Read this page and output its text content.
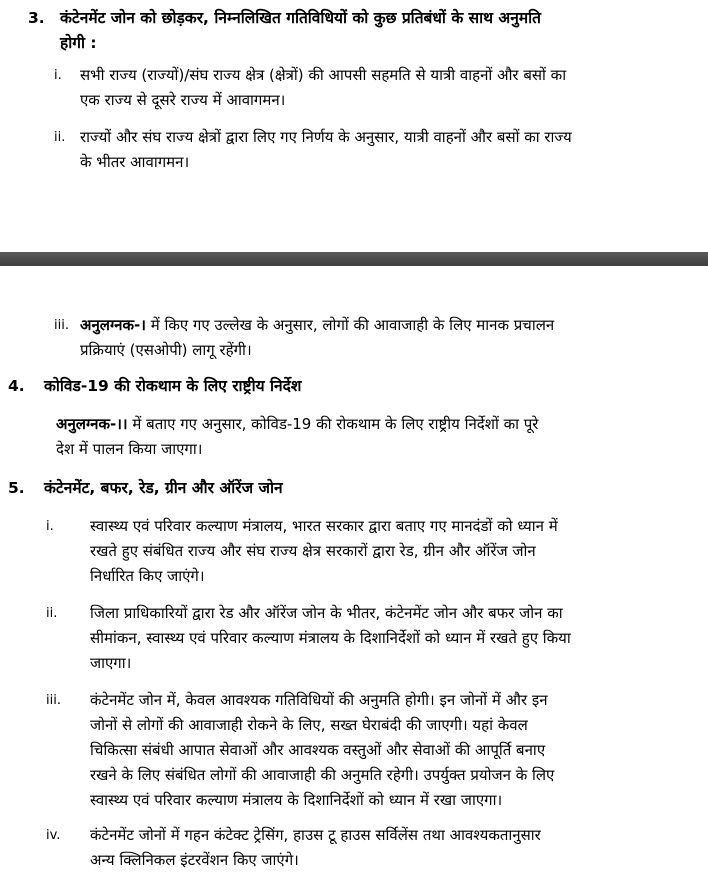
3. कंटेनमेंट जोन को छोड़कर, निम्नलिखित गतिविधियों को कुछ प्रतिबंधों के साथ अनुमति
होगी :
i. सभी राज्य (राज्यों)/संघ राज्य क्षेत्र (क्षेत्रों) की आपसी सहमति से यात्री वाहनों और बसों का
एक राज्य से दूसरे राज्य में आवागमन।
ii. राज्यों और संघ राज्य क्षेत्रों द्वारा लिए गए निर्णय के अनुसार, यात्री वाहनों और बसों का राज्य
के भीतर आवागमन।
iii. अनुलग्नक-। में किए गए उल्लेख के अनुसार, लोगों की आवाजाही के लिए मानक प्रचालन
प्रक्रियाएं (एसओपी) लागू रहेंगी।
4. कोविड-19 की रोकथाम के लिए राष्ट्रीय निर्देश
अनुलग्नक-।। में बताए गए अनुसार, कोविड-19 की रोकथाम के लिए राष्ट्रीय निर्देशों का पूरे
देश में पालन किया जाएगा।
5. कंटेनमेंट, बफर, रेड, ग्रीन और ऑरेंज जोन
i. स्वास्थ्य एवं परिवार कल्याण मंत्रालय, भारत सरकार द्वारा बताए गए मानदंडों को ध्यान में
रखते हुए संबंधित राज्य और संघ राज्य क्षेत्र सरकारों द्वारा रेड, ग्रीन और ऑरेंज जोन
निर्धारित किए जाएंगे।
ii. जिला प्राधिकारियों द्वारा रेड और ऑरेंज जोन के भीतर, कंटेनमेंट जोन और बफर जोन का
सीमांकन, स्वास्थ्य एवं परिवार कल्याण मंत्रालय के दिशानिर्देशों को ध्यान में रखते हुए किया
जाएगा।
iii. कंटेनमेंट जोन में, केवल आवश्यक गतिविधियों की अनुमति होगी। इन जोनों में और इन
जोनों से लोगों की आवाजाही रोकने के लिए, सख्त घेराबंदी की जाएगी। यहां केवल
चिकित्सा संबंधी आपात सेवाओं और आवश्यक वस्तुओं और सेवाओं की आपूर्ति बनाए
रखने के लिए संबंधित लोगों की आवाजाही की अनुमति रहेगी। उपर्युक्त प्रयोजन के लिए
स्वास्थ्य एवं परिवार कल्याण मंत्रालय के दिशानिर्देशों को ध्यान में रखा जाएगा।
iv. कंटेनमेंट जोनों में गहन कंटेक्ट ट्रेसिंग, हाउस टू हाउस सर्विलेंस तथा आवश्यकतानुसार
अन्य क्लिनिकल इंटरवेंशन किए जाएंगे।
